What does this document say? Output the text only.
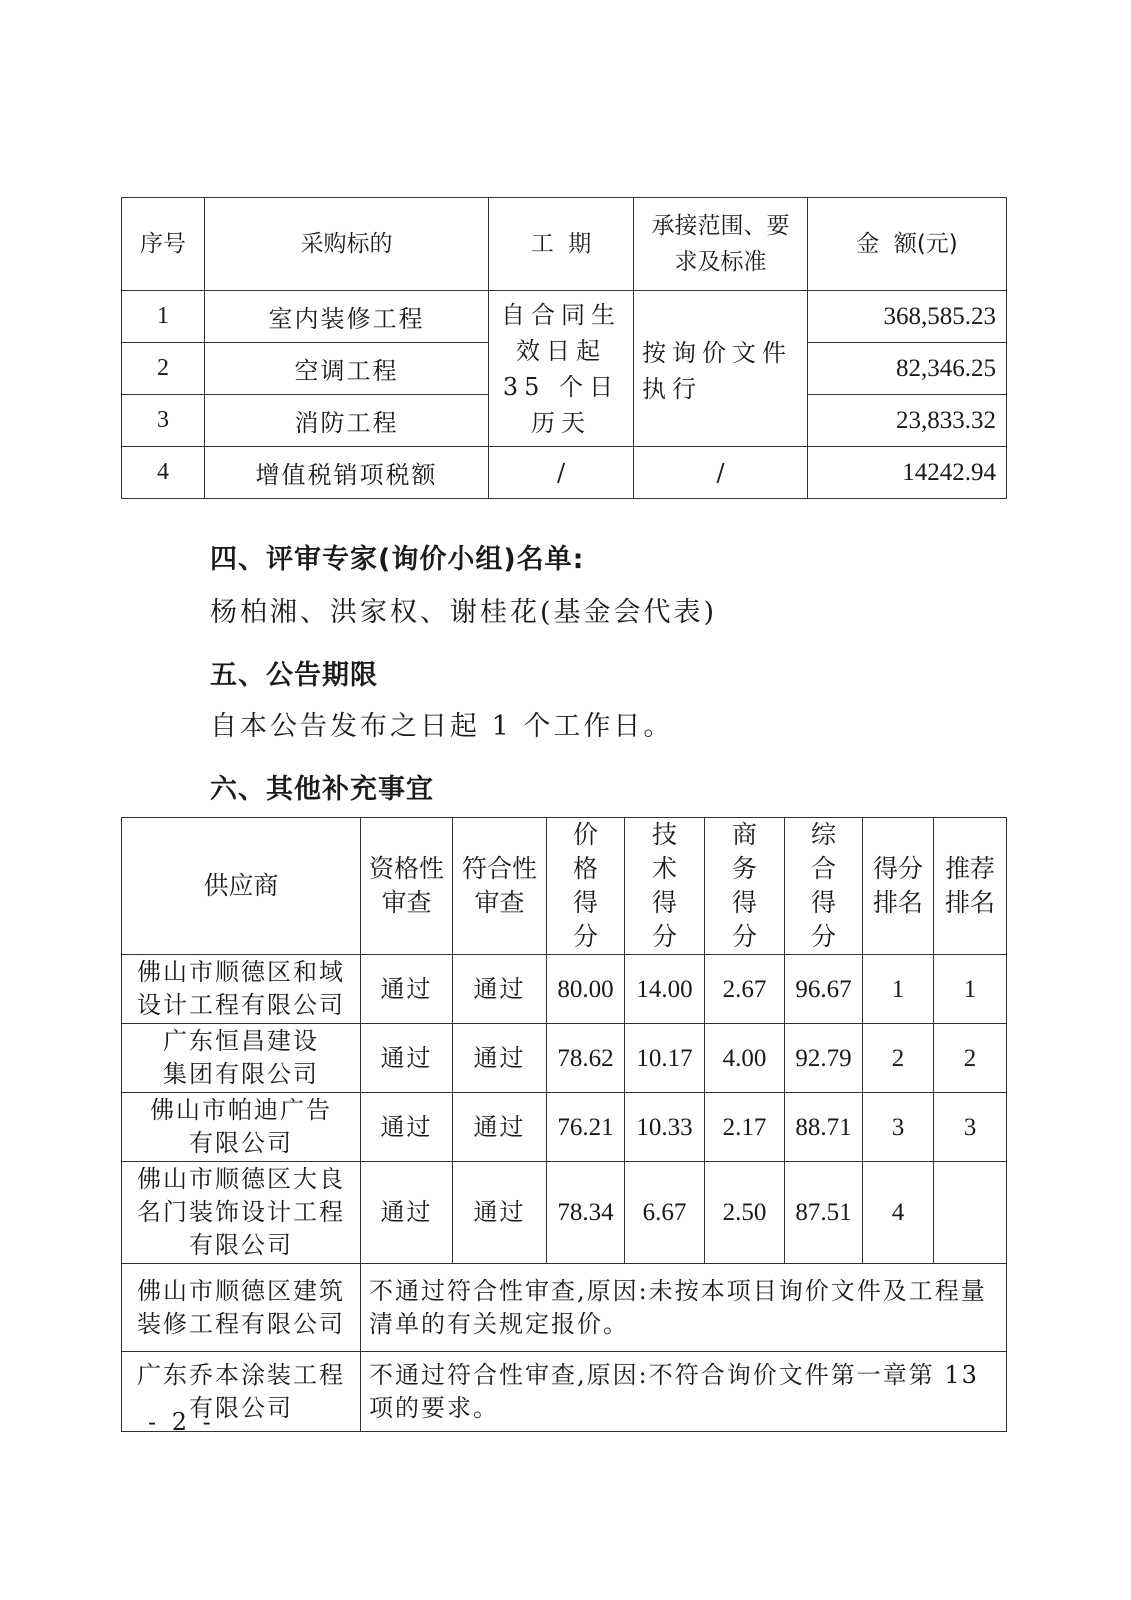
序号	采购标的	工  期	承接范围、要求及标准	金  额(元)
1	室内装修工程	自合同生效日起 35 个日历天	按询价文件执行	368,585.23
2	空调工程			82,346.25
3	消防工程			23,833.32
4	增值税销项税额	/	/	14242.94
四、评审专家(询价小组)名单:
杨柏湘、洪家权、谢桂花(基金会代表)
五、公告期限
自本公告发布之日起 1 个工作日。
六、其他补充事宜
供应商	资格性审查	符合性审查	价格得分	技术得分	商务得分	综合得分	得分排名	推荐排名
佛山市顺德区和域设计工程有限公司	通过	通过	80.00	14.00	2.67	96.67	1	1
广东恒昌建设集团有限公司	通过	通过	78.62	10.17	4.00	92.79	2	2
佛山市帕迪广告有限公司	通过	通过	76.21	10.33	2.17	88.71	3	3
佛山市顺德区大良名门装饰设计工程有限公司	通过	通过	78.34	6.67	2.50	87.51	4	
佛山市顺德区建筑装修工程有限公司	不通过符合性审查,原因:未按本项目询价文件及工程量清单的有关规定报价。							
广东乔本涂装工程有限公司	不通过符合性审查,原因:不符合询价文件第一章第 13 项的要求。							
- 2 -
